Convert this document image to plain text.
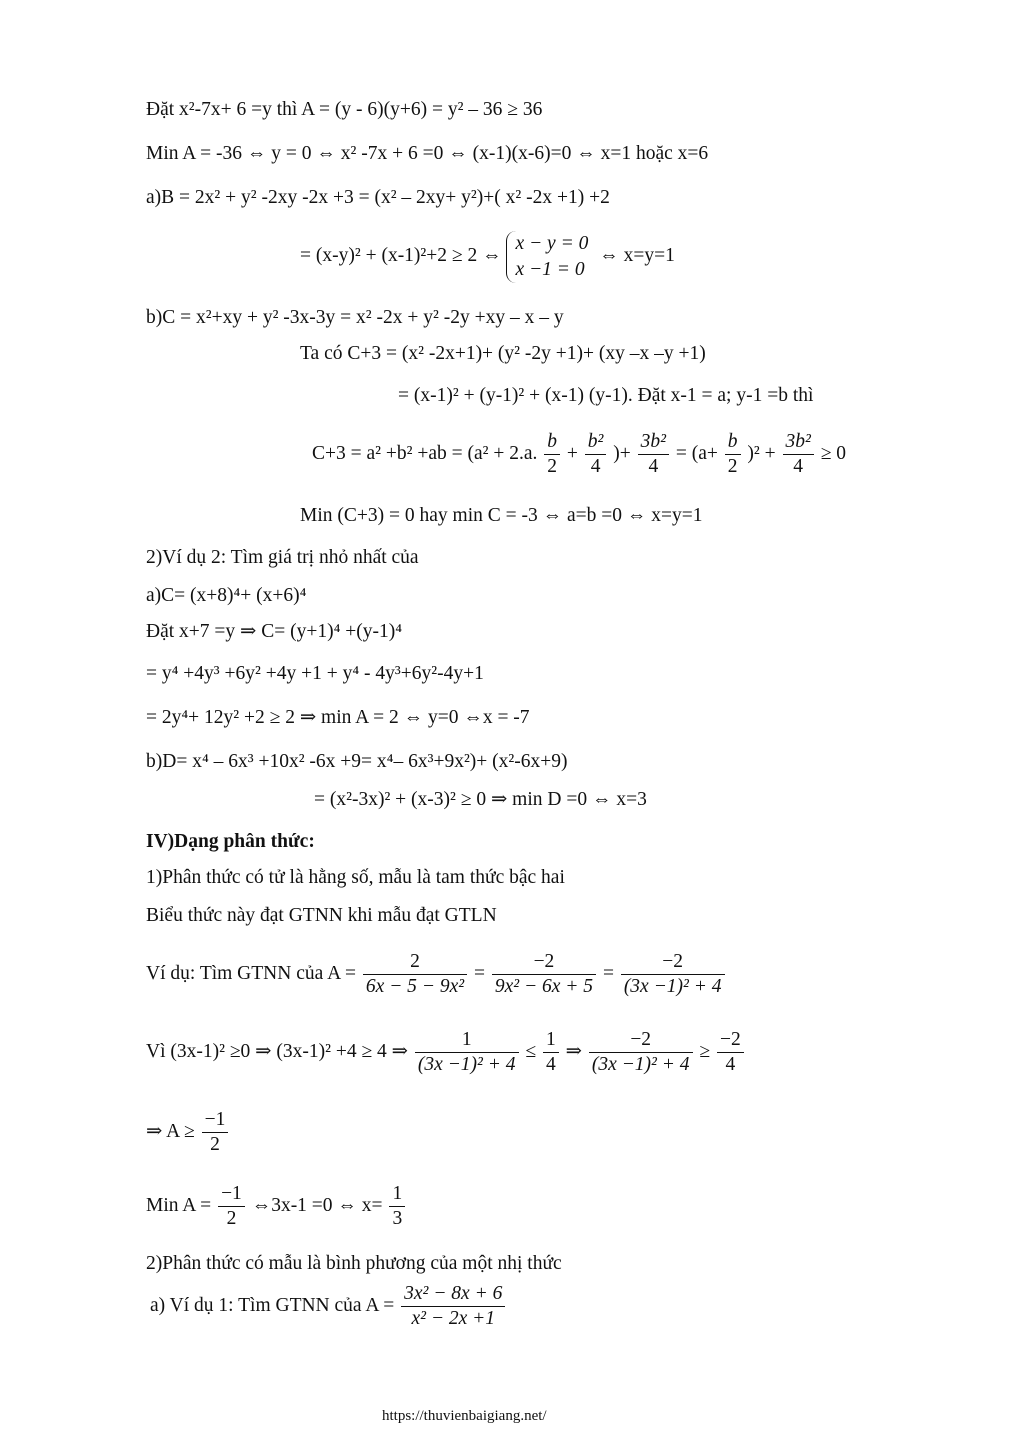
Đặt x²-7x+ 6 =y thì A = (y - 6)(y+6) = y² – 36 ≥ 36
Min A = -36 ⇔ y = 0 ⇔ x² -7x + 6 =0 ⇔ (x-1)(x-6)=0 ⇔ x=1 hoặc x=6
a)B = 2x² + y² -2xy -2x +3 = (x² – 2xy+ y²)+( x² -2x +1) +2
= (x-y)² + (x-1)²+2 ≥ 2 ⇔
x − y = 0
x −1 = 0
⇔ x=y=1
b)C = x²+xy + y² -3x-3y = x² -2x + y² -2y +xy – x – y
Ta có C+3 = (x² -2x+1)+ (y² -2y +1)+ (xy –x –y +1)
= (x-1)² + (y-1)² + (x-1) (y-1). Đặt x-1 = a; y-1 =b thì
C+3 = a² +b² +ab = (a² + 2.a. $\frac{b}{2} + \frac{\text{b²}}{4}$ )+ $\frac{\text{3b²}}{4} = (a+ \frac{b}{2} )^2 + \frac{\text{3b²}}{4} \ge 0$
Min (C+3) = 0 hay min C = -3 ⇔ a=b =0 ⇔ x=y=1
2)Ví dụ 2: Tìm giá trị nhỏ nhất của
a)C= (x+8)⁴+ (x+6)⁴
Đặt x+7 =y ⇒ C= (y+1)⁴ +(y-1)⁴
= y⁴ +4y³ +6y² +4y +1 + y⁴ - 4y³+6y²-4y+1
= 2y⁴+ 12y² +2 ≥ 2 ⇒ min A = 2 ⇔ y=0 ⇔x = -7
b)D= x⁴ – 6x³ +10x² -6x +9= x⁴– 6x³+9x²)+ (x²-6x+9)
= (x²-3x)² + (x-3)² ≥ 0 ⇒ min D =0 ⇔ x=3
IV)Dạng phân thức:
1)Phân thức có tử là hằng số, mẫu là tam thức bậc hai
Biểu thức này đạt GTNN khi mẫu đạt GTLN
Ví dụ: Tìm GTNN của $A = \frac{2}{\text{6x − 5 − 9x²}} = \frac{-2}{\text{9x² − 6x + 5}} = \frac{-2}{\text{(3x −1)² + 4}}$
Vì (3x-1)² ≥0 ⇒ (3x-1)² +4 ≥ 4 ⇒ $\frac{1}{\text{(3x −1)² + 4}} \le \frac{1}{4}$ ⇒ $\frac{-2}{\text{(3x −1)² + 4}} \ge \frac{-2}{4}$
⇒ $A \ge \frac{-1}{2}$
Min $A = \frac{-1}{2}$ ⇔3x-1 =0 ⇔ $x= \frac{1}{3}$
2)Phân thức có mẫu là bình phương của một nhị thức
a) Ví dụ 1: Tìm GTNN của $A = \frac{\text{3x² − 8x + 6}}{\text{x² − 2x +1}}$
https://thuvienbaigiang.net/
